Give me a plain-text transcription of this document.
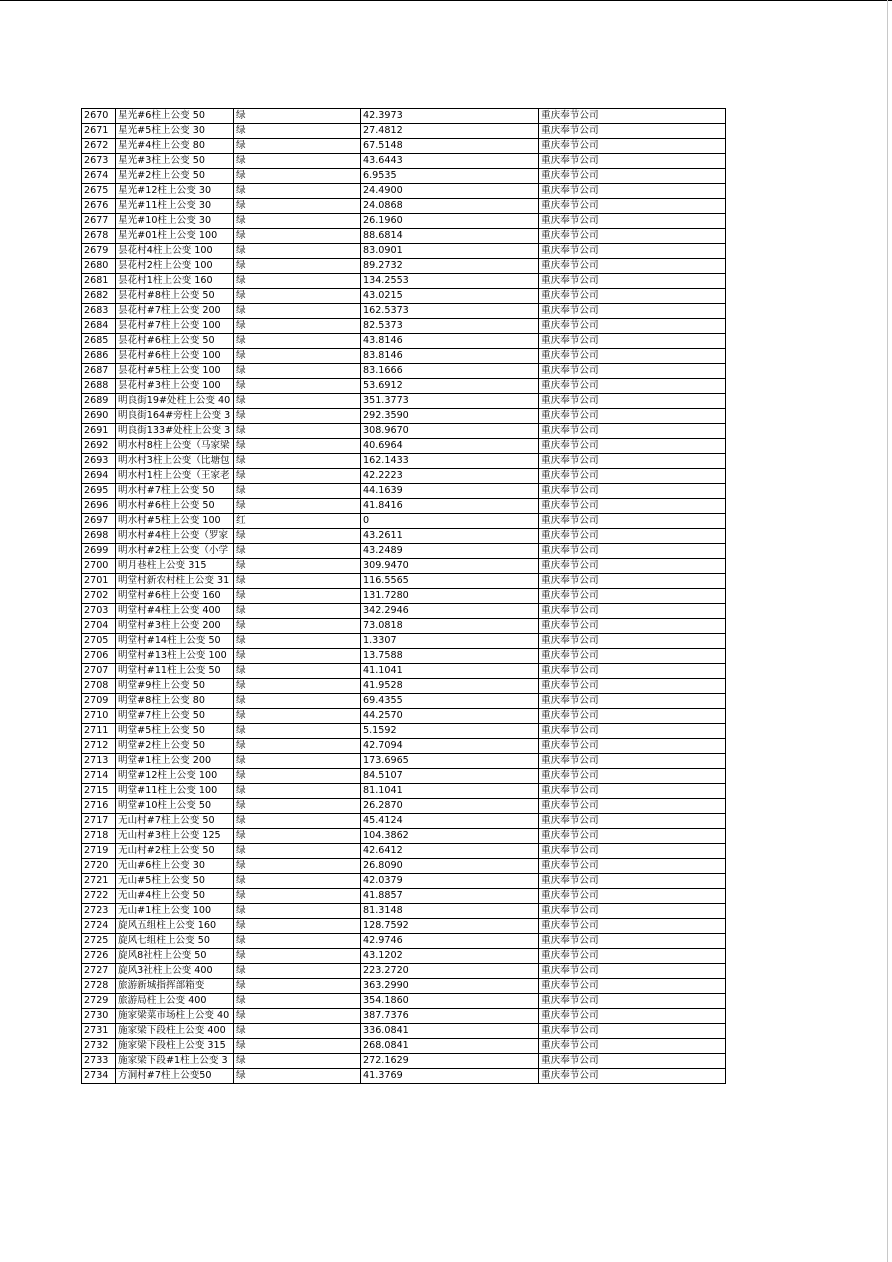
2670	星光#6柱上公变 50	绿	42.3973	重庆奉节公司
2671	星光#5柱上公变 30	绿	27.4812	重庆奉节公司
2672	星光#4柱上公变 80	绿	67.5148	重庆奉节公司
2673	星光#3柱上公变 50	绿	43.6443	重庆奉节公司
2674	星光#2柱上公变 50	绿	6.9535	重庆奉节公司
2675	星光#12柱上公变 30	绿	24.4900	重庆奉节公司
2676	星光#11柱上公变 30	绿	24.0868	重庆奉节公司
2677	星光#10柱上公变 30	绿	26.1960	重庆奉节公司
2678	星光#01柱上公变 100	绿	88.6814	重庆奉节公司
2679	昙花村4柱上公变 100	绿	83.0901	重庆奉节公司
2680	昙花村2柱上公变 100	绿	89.2732	重庆奉节公司
2681	昙花村1柱上公变 160	绿	134.2553	重庆奉节公司
2682	昙花村#8柱上公变 50	绿	43.0215	重庆奉节公司
2683	昙花村#7柱上公变 200	绿	162.5373	重庆奉节公司
2684	昙花村#7柱上公变 100	绿	82.5373	重庆奉节公司
2685	昙花村#6柱上公变 50	绿	43.8146	重庆奉节公司
2686	昙花村#6柱上公变 100	绿	83.8146	重庆奉节公司
2687	昙花村#5柱上公变 100	绿	83.1666	重庆奉节公司
2688	昙花村#3柱上公变 100	绿	53.6912	重庆奉节公司
2689	明良街19#处柱上公变 40	绿	351.3773	重庆奉节公司
2690	明良街164#旁柱上公变 3	绿	292.3590	重庆奉节公司
2691	明良街133#处柱上公变 3	绿	308.9670	重庆奉节公司
2692	明水村8柱上公变（马家梁	绿	40.6964	重庆奉节公司
2693	明水村3柱上公变（比塘包	绿	162.1433	重庆奉节公司
2694	明水村1柱上公变（王家老	绿	42.2223	重庆奉节公司
2695	明水村#7柱上公变 50	绿	44.1639	重庆奉节公司
2696	明水村#6柱上公变 50	绿	41.8416	重庆奉节公司
2697	明水村#5柱上公变 100	红	0	重庆奉节公司
2698	明水村#4柱上公变（罗家	绿	43.2611	重庆奉节公司
2699	明水村#2柱上公变（小学	绿	43.2489	重庆奉节公司
2700	明月巷柱上公变 315	绿	309.9470	重庆奉节公司
2701	明堂村新农村柱上公变 31	绿	116.5565	重庆奉节公司
2702	明堂村#6柱上公变 160	绿	131.7280	重庆奉节公司
2703	明堂村#4柱上公变 400	绿	342.2946	重庆奉节公司
2704	明堂村#3柱上公变 200	绿	73.0818	重庆奉节公司
2705	明堂村#14柱上公变 50	绿	1.3307	重庆奉节公司
2706	明堂村#13柱上公变 100	绿	13.7588	重庆奉节公司
2707	明堂村#11柱上公变 50	绿	41.1041	重庆奉节公司
2708	明堂#9柱上公变 50	绿	41.9528	重庆奉节公司
2709	明堂#8柱上公变 80	绿	69.4355	重庆奉节公司
2710	明堂#7柱上公变 50	绿	44.2570	重庆奉节公司
2711	明堂#5柱上公变 50	绿	5.1592	重庆奉节公司
2712	明堂#2柱上公变 50	绿	42.7094	重庆奉节公司
2713	明堂#1柱上公变 200	绿	173.6965	重庆奉节公司
2714	明堂#12柱上公变 100	绿	84.5107	重庆奉节公司
2715	明堂#11柱上公变 100	绿	81.1041	重庆奉节公司
2716	明堂#10柱上公变 50	绿	26.2870	重庆奉节公司
2717	无山村#7柱上公变 50	绿	45.4124	重庆奉节公司
2718	无山村#3柱上公变 125	绿	104.3862	重庆奉节公司
2719	无山村#2柱上公变 50	绿	42.6412	重庆奉节公司
2720	无山#6柱上公变 30	绿	26.8090	重庆奉节公司
2721	无山#5柱上公变 50	绿	42.0379	重庆奉节公司
2722	无山#4柱上公变 50	绿	41.8857	重庆奉节公司
2723	无山#1柱上公变 100	绿	81.3148	重庆奉节公司
2724	旋风五组柱上公变 160	绿	128.7592	重庆奉节公司
2725	旋风七组柱上公变 50	绿	42.9746	重庆奉节公司
2726	旋风8社柱上公变 50	绿	43.1202	重庆奉节公司
2727	旋风3社柱上公变 400	绿	223.2720	重庆奉节公司
2728	旅游新城指挥部箱变	绿	363.2990	重庆奉节公司
2729	旅游局柱上公变 400	绿	354.1860	重庆奉节公司
2730	施家梁菜市场柱上公变 40	绿	387.7376	重庆奉节公司
2731	施家梁下段柱上公变 400	绿	336.0841	重庆奉节公司
2732	施家梁下段柱上公变 315	绿	268.0841	重庆奉节公司
2733	施家梁下段#1柱上公变 3	绿	272.1629	重庆奉节公司
2734	方洞村#7柱上公变50	绿	41.3769	重庆奉节公司
